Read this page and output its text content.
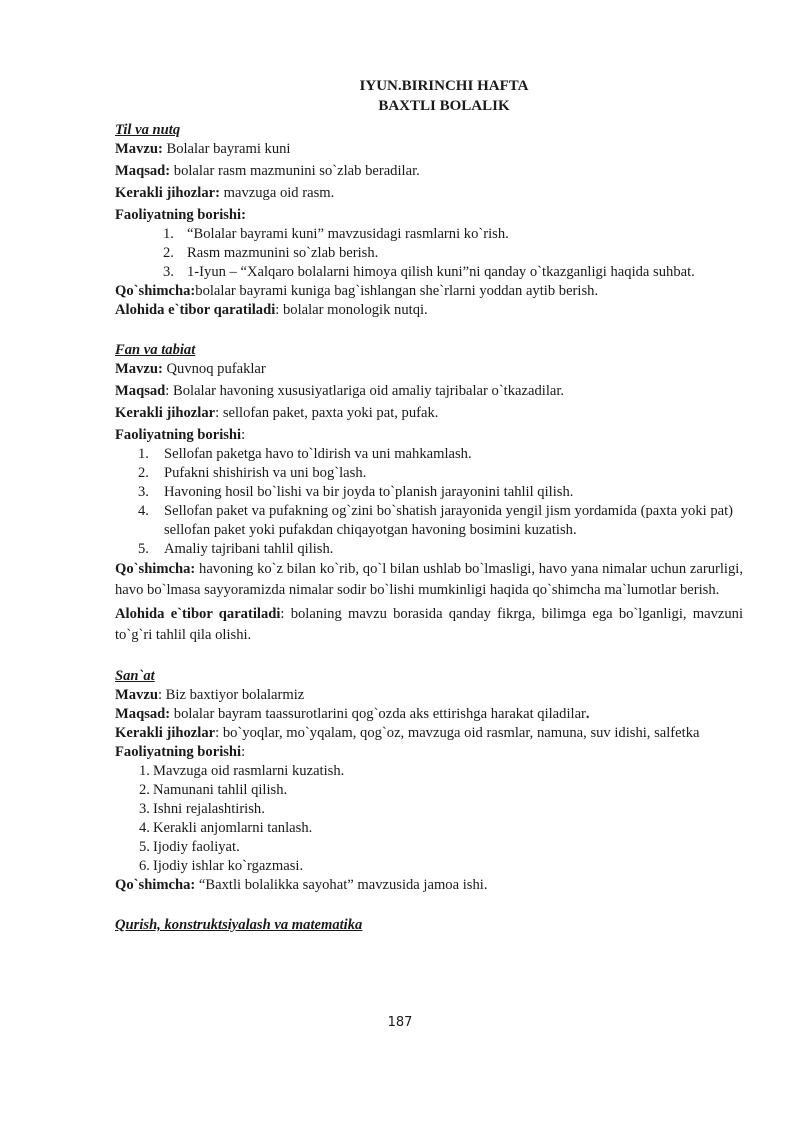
IYUN.BIRINCHI HAFTA
BAXTLI BOLALIK
Til va nutq

Mavzu: Bolalar bayrami kuni

Maqsad: bolalar rasm mazmunini so`zlab beradilar.

Kerakli jihozlar: mavzuga oid rasm.

Faoliyatning borishi:

1. “Bolalar bayrami kuni” mavzusidagi rasmlarni ko`rish.
2. Rasm mazmunini so`zlab berish.
3. 1-Iyun – “Xalqaro bolalarni himoya qilish kuni”ni qanday o`tkazganligi haqida suhbat.

Qo`shimcha:bolalar bayrami kuniga bag`ishlangan she`rlarni yoddan aytib berish.

Alohida e`tibor qaratiladi: bolalar monologik nutqi.

Fan va tabiat

Mavzu: Quvnoq pufaklar

Maqsad: Bolalar havoning xususiyatlariga oid amaliy tajribalar o`tkazadilar.

Kerakli jihozlar: sellofan paket, paxta yoki pat, pufak.

Faoliyatning borishi:

1.	Sellofan paketga havo to`ldirish va uni mahkamlash.
2.	Pufakni shishirish va uni bog`lash.
3.	Havoning hosil bo`lishi va bir joyda to`planish jarayonini tahlil qilish.
4.	Sellofan paket va pufakning og`zini bo`shatish jarayonida yengil jism yordamida (paxta yoki pat) sellofan paket yoki pufakdan chiqayotgan havoning bosimini kuzatish.
5.	Amaliy tajribani tahlil qilish.

Qo`shimcha: havoning ko`z bilan ko`rib, qo`l bilan ushlab bo`lmasligi, havo yana nimalar uchun zarurligi, havo bo`lmasa sayyoramizda nimalar sodir bo`lishi mumkinligi haqida qo`shimcha ma`lumotlar berish.

Alohida e`tibor qaratiladi: bolaning mavzu borasida qanday fikrga, bilimga ega bo`lganligi, mavzuni to`g`ri tahlil qila olishi.

San`at

Mavzu: Biz baxtiyor bolalarmiz

Maqsad: bolalar bayram taassurotlarini qog`ozda aks ettirishga harakat qiladilar.

Kerakli jihozlar: bo`yoqlar, mo`yqalam, qog`oz, mavzuga oid rasmlar, namuna, suv idishi, salfetka

Faoliyatning borishi:

1. Mavzuga oid rasmlarni kuzatish.
2. Namunani tahlil qilish.
3. Ishni rejalashtirish.
4. Kerakli anjomlarni tanlash.
5. Ijodiy faoliyat.
6. Ijodiy ishlar ko`rgazmasi.

Qo`shimcha: “Baxtli bolalikka sayohat” mavzusida jamoa ishi.

Qurish, konstruktsiyalash va matematika
187
